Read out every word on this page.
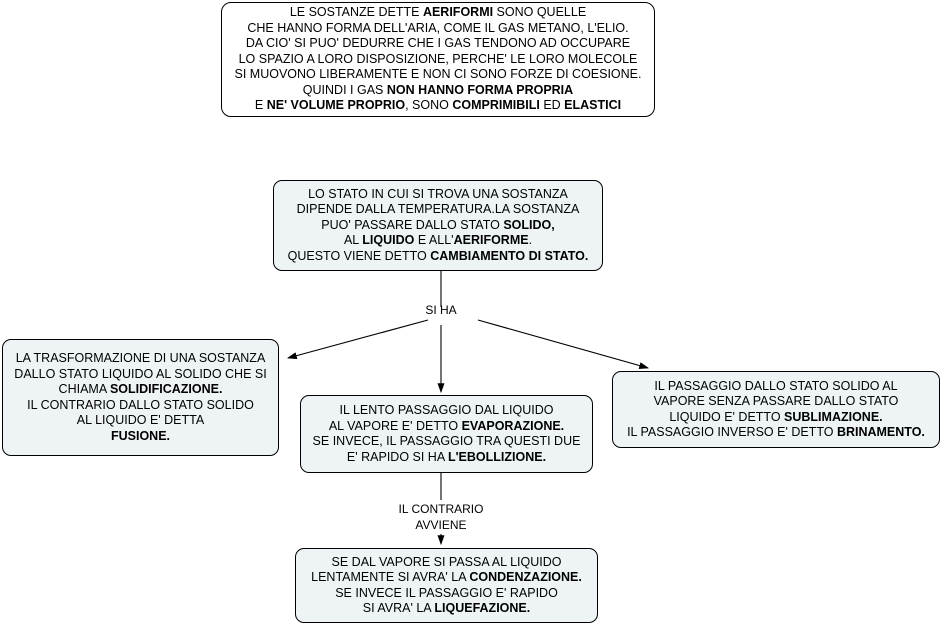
LE SOSTANZE DETTE AERIFORMI SONO QUELLE
CHE HANNO FORMA DELL'ARIA, COME IL GAS METANO, L'ELIO.
DA CIO' SI PUO' DEDURRE CHE I GAS TENDONO AD OCCUPARE
LO SPAZIO A LORO DISPOSIZIONE, PERCHE' LE LORO MOLECOLE
SI MUOVONO LIBERAMENTE E NON CI SONO FORZE DI COESIONE.
QUINDI I GAS NON HANNO FORMA PROPRIA
E NE' VOLUME PROPRIO, SONO COMPRIMIBILI ED ELASTICI
LO STATO IN CUI SI TROVA UNA SOSTANZA
DIPENDE DALLA TEMPERATURA.LA SOSTANZA
PUO' PASSARE DALLO STATO SOLIDO,
AL LIQUIDO E ALL'AERIFORME.
QUESTO VIENE DETTO CAMBIAMENTO DI STATO.
SI HA
LA TRASFORMAZIONE DI UNA SOSTANZA
DALLO STATO LIQUIDO AL SOLIDO CHE SI
CHIAMA SOLIDIFICAZIONE.
IL CONTRARIO DALLO STATO SOLIDO
AL LIQUIDO E' DETTA
FUSIONE.
IL LENTO PASSAGGIO DAL LIQUIDO
AL VAPORE E' DETTO EVAPORAZIONE.
SE INVECE, IL PASSAGGIO TRA QUESTI DUE
E' RAPIDO SI HA L'EBOLLIZIONE.
IL PASSAGGIO DALLO STATO SOLIDO AL
VAPORE SENZA PASSARE DALLO STATO
LIQUIDO E' DETTO SUBLIMAZIONE.
IL PASSAGGIO INVERSO E' DETTO BRINAMENTO.
IL CONTRARIO
AVVIENE
SE DAL VAPORE SI PASSA AL LIQUIDO
LENTAMENTE SI AVRA' LA CONDENZAZIONE.
SE INVECE IL PASSAGGIO E' RAPIDO
SI AVRA' LA LIQUEFAZIONE.
